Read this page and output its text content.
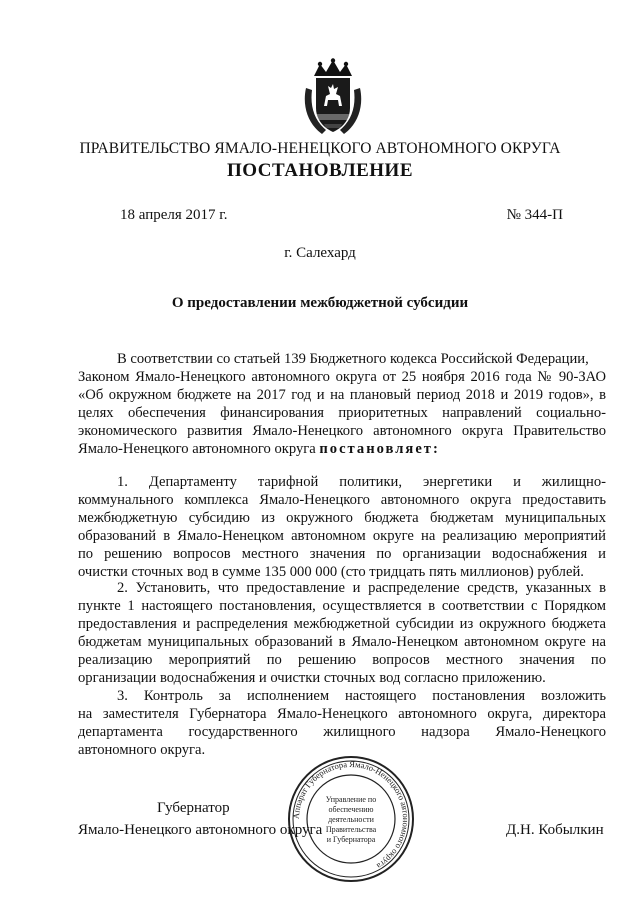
ПРАВИТЕЛЬСТВО ЯМАЛО-НЕНЕЦКОГО АВТОНОМНОГО ОКРУГА
ПОСТАНОВЛЕНИЕ
18 апреля 2017 г.	№ 344-П
г. Салехард
О предоставлении межбюджетной субсидии
В соответствии со статьей 139 Бюджетного кодекса Российской Федерации,
Законом Ямало-Ненецкого автономного округа от 25 ноября 2016 года № 90-ЗАО
«Об окружном бюджете на 2017 год и на плановый период 2018 и 2019 годов», в
целях обеспечения финансирования приоритетных направлений социально-
экономического развития Ямало-Ненецкого автономного округа Правительство
Ямало-Ненецкого автономного округа постановляет:
1. Департаменту тарифной политики, энергетики и жилищно-
коммунального комплекса Ямало-Ненецкого автономного округа предоставить
межбюджетную субсидию из окружного бюджета бюджетам муниципальных
образований в Ямало-Ненецком автономном округе на реализацию мероприятий
по решению вопросов местного значения по организации водоснабжения и
очистки сточных вод в сумме 135 000 000 (сто тридцать пять миллионов) рублей.
2. Установить, что предоставление и распределение средств, указанных в
пункте 1 настоящего постановления, осуществляется в соответствии с Порядком
предоставления и распределения межбюджетной субсидии из окружного бюджета
бюджетам муниципальных образований в Ямало-Ненецком автономном округе на
реализацию мероприятий по решению вопросов местного значения по
организации водоснабжения и очистки сточных вод согласно приложению.
3. Контроль за исполнением настоящего постановления возложить
на заместителя Губернатора Ямало-Ненецкого автономного округа, директора
департамента государственного жилищного надзора Ямало-Ненецкого
автономного округа.
Аппарат Губернатора Ямало-Ненецкого автономного округа
Управление по
обеспечению
деятельности
Правительства
и Губернатора
Губернатор
Ямало-Ненецкого автономного округа	Д.Н. Кобылкин
